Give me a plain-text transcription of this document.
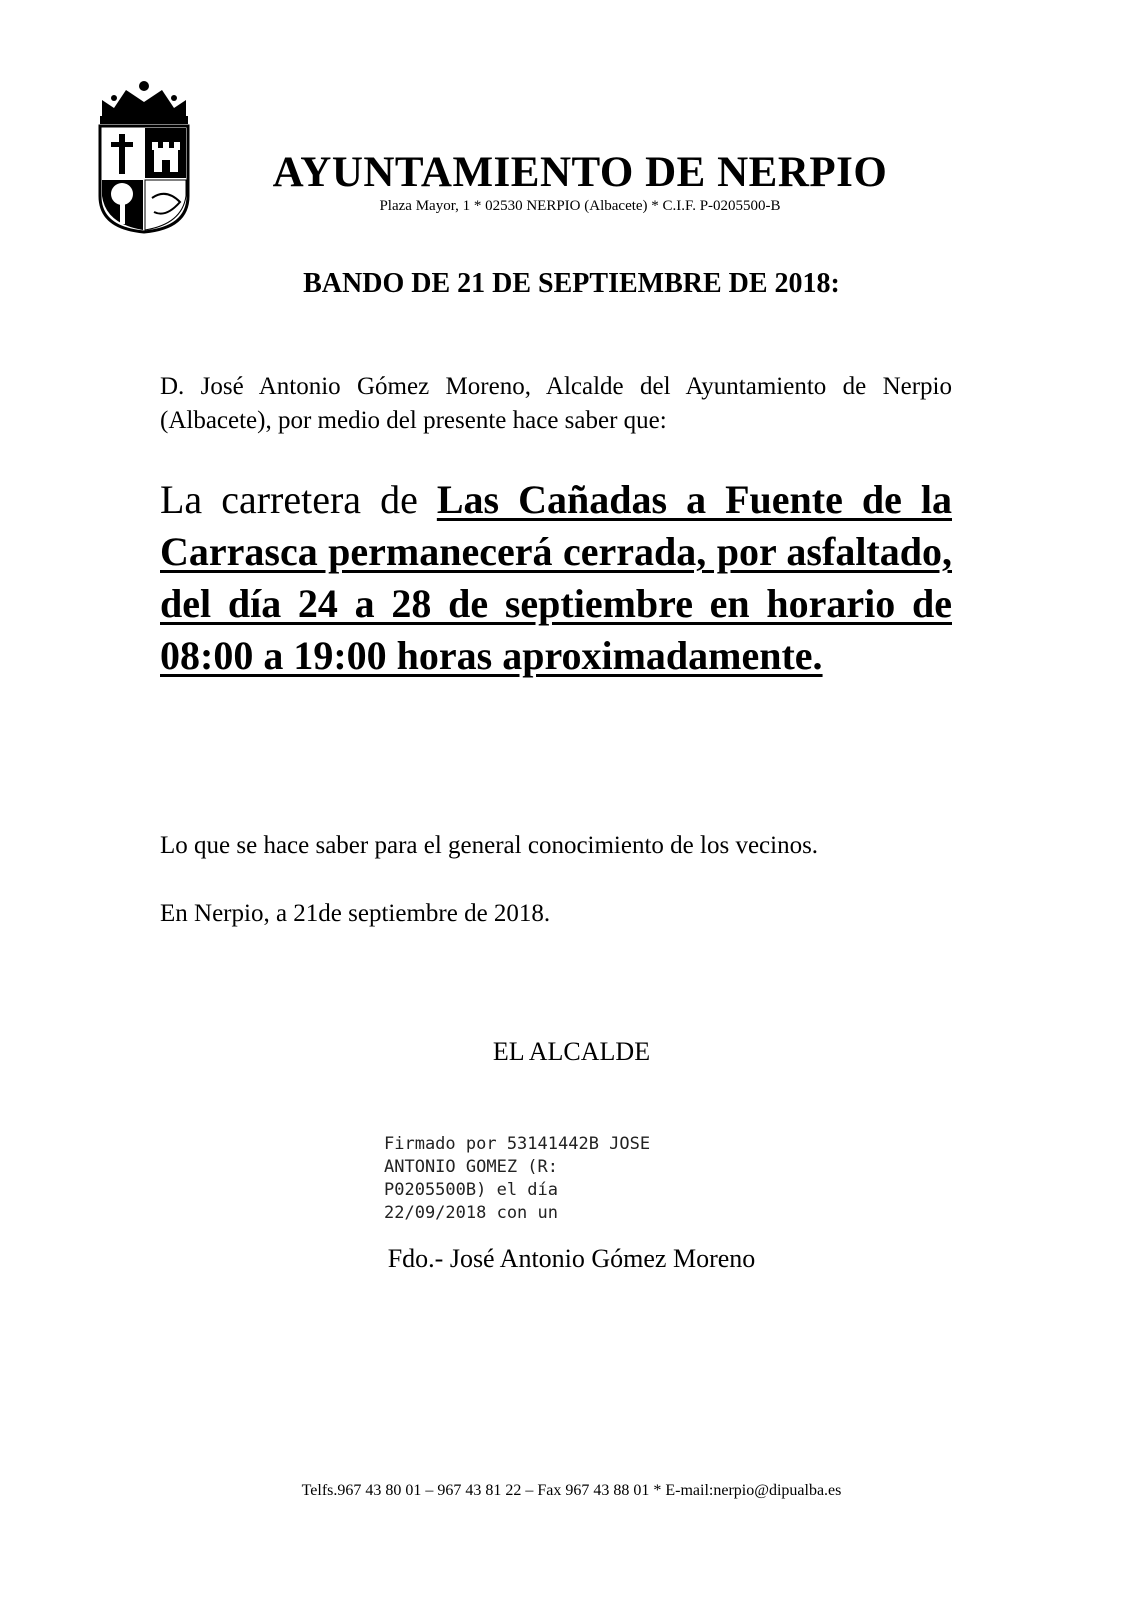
AYUNTAMIENTO DE NERPIO
Plaza Mayor, 1 * 02530 NERPIO (Albacete) * C.I.F. P-0205500-B
BANDO DE 21 DE SEPTIEMBRE DE 2018:
D. José Antonio Gómez Moreno, Alcalde del Ayuntamiento de Nerpio (Albacete), por medio del presente hace saber que:
La carretera de Las Cañadas a Fuente de la Carrasca permanecerá cerrada, por asfaltado, del día 24 a 28 de septiembre en horario de 08:00 a 19:00 horas aproximadamente.
Lo que se hace saber para el general conocimiento de los vecinos.
En Nerpio, a 21de septiembre de 2018.
EL ALCALDE
Firmado por 53141442B JOSE
ANTONIO GOMEZ (R:
P0205500B) el día
22/09/2018 con un
Fdo.- José Antonio Gómez Moreno
Telfs.967 43 80 01 – 967 43 81 22 – Fax 967 43 88 01 * E-mail:nerpio@dipualba.es
